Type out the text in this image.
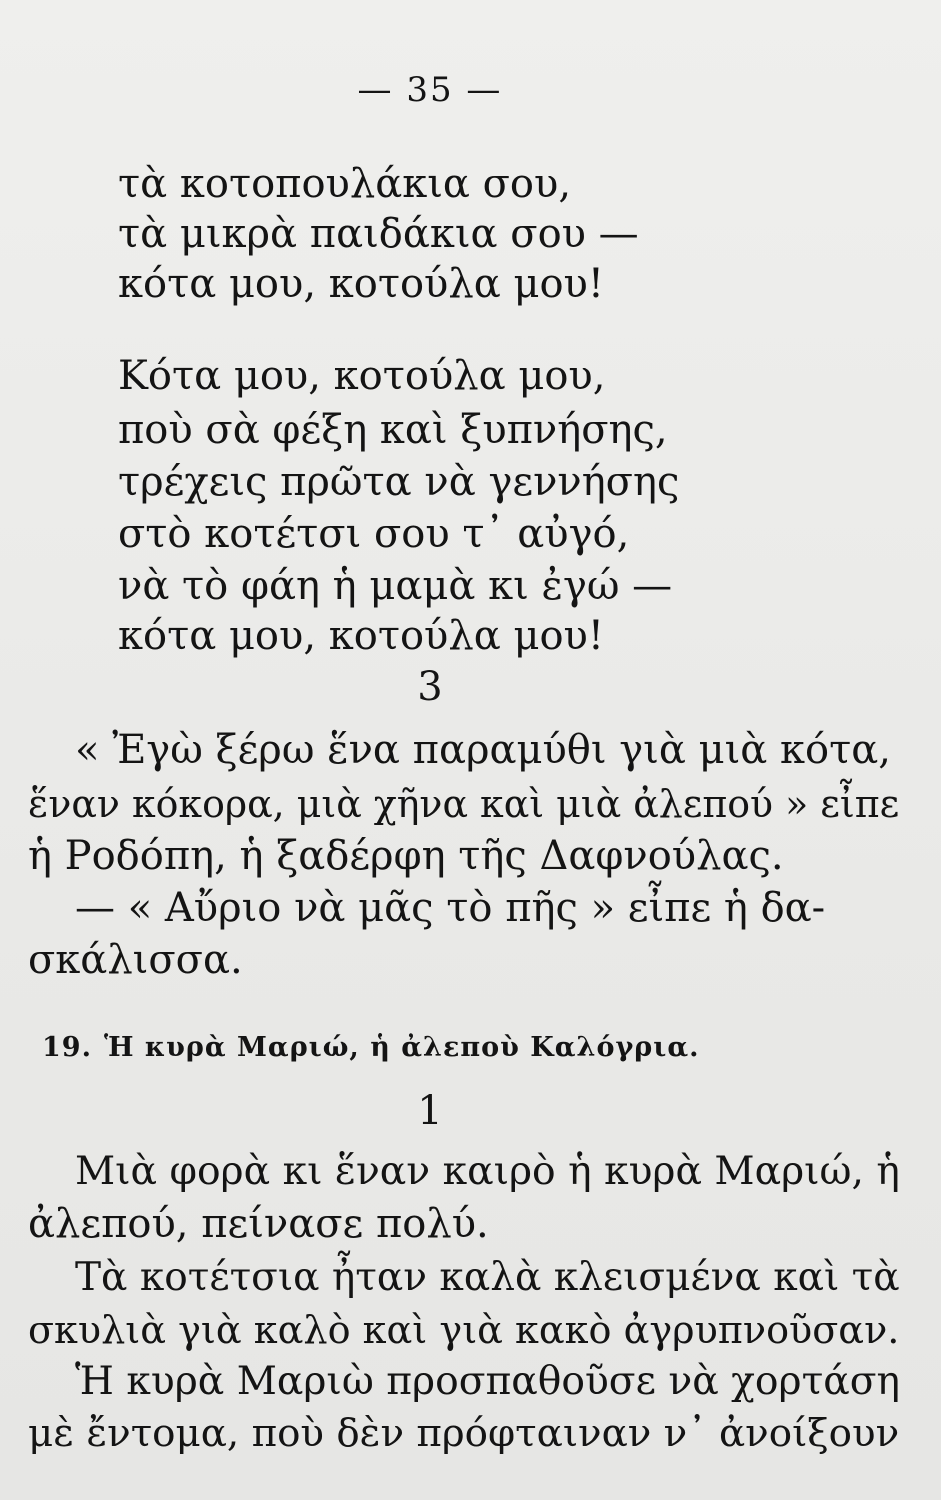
— 35 —
τὰ κοτοπουλάκια σου,
τὰ μικρὰ παιδάκια σου —
κότα μου, κοτούλα μου!
Κότα μου, κοτούλα μου,
ποὺ σὰ φέξη καὶ ξυπνήσης,
τρέχεις πρῶτα νὰ γεννήσης
στὸ κοτέτσι σου τ᾽ αὐγό,
νὰ τὸ φάη ἡ μαμὰ κι ἐγώ —
κότα μου, κοτούλα μου!
3
« Ἐγὼ ξέρω ἕνα παραμύθι γιὰ μιὰ κότα,
ἕναν κόκορα, μιὰ χῆνα καὶ μιὰ ἀλεπού » εἶπε
ἡ Ροδόπη, ἡ ξαδέρφη τῆς Δαφνούλας.
— « Αὔριο νὰ μᾶς τὸ πῆς » εἶπε ἡ δα-
σκάλισσα.
19. Ἡ κυρὰ Μαριώ, ἡ ἀλεποὺ Καλόγρια.
1
Μιὰ φορὰ κι ἕναν καιρὸ ἡ κυρὰ Μαριώ, ἡ
ἀλεπού, πείνασε πολύ.
Τὰ κοτέτσια ἦταν καλὰ κλεισμένα καὶ τὰ
σκυλιὰ γιὰ καλὸ καὶ γιὰ κακὸ ἀγρυπνοῦσαν.
Ἡ κυρὰ Μαριὼ προσπαθοῦσε νὰ χορτάση
μὲ ἔντομα, ποὺ δὲν πρόφταιναν ν᾽ ἀνοίξουν
